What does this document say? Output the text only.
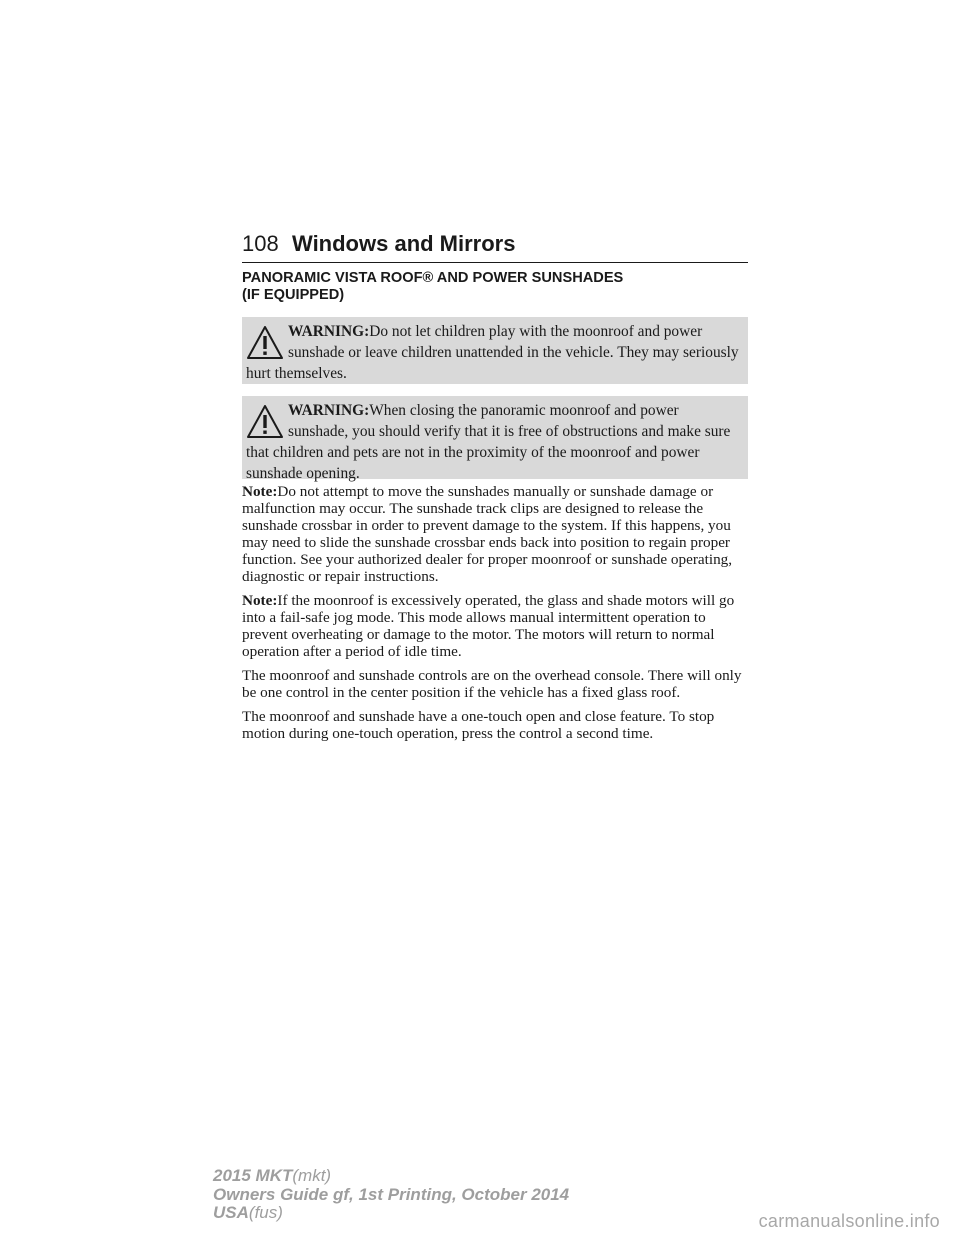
108 Windows and Mirrors
PANORAMIC VISTA ROOF® AND POWER SUNSHADES
(IF EQUIPPED)

WARNING:Do not let children play with the moonroof and power sunshade or leave children unattended in the vehicle. They may seriously hurt themselves.

WARNING:When closing the panoramic moonroof and power sunshade, you should verify that it is free of obstructions and make sure that children and pets are not in the proximity of the moonroof and power sunshade opening.

Note:Do not attempt to move the sunshades manually or sunshade damage or malfunction may occur. The sunshade track clips are designed to release the sunshade crossbar in order to prevent damage to the system. If this happens, you may need to slide the sunshade crossbar ends back into position to regain proper function. See your authorized dealer for proper moonroof or sunshade operating, diagnostic or repair instructions.

Note:If the moonroof is excessively operated, the glass and shade motors will go into a fail-safe jog mode. This mode allows manual intermittent operation to prevent overheating or damage to the motor. The motors will return to normal operation after a period of idle time.

The moonroof and sunshade controls are on the overhead console. There will only be one control in the center position if the vehicle has a fixed glass roof.

The moonroof and sunshade have a one-touch open and close feature. To stop motion during one-touch operation, press the control a second time.

2015 MKT(mkt)
Owners Guide gf, 1st Printing, October 2014
USA(fus)	carmanualsonline.info
